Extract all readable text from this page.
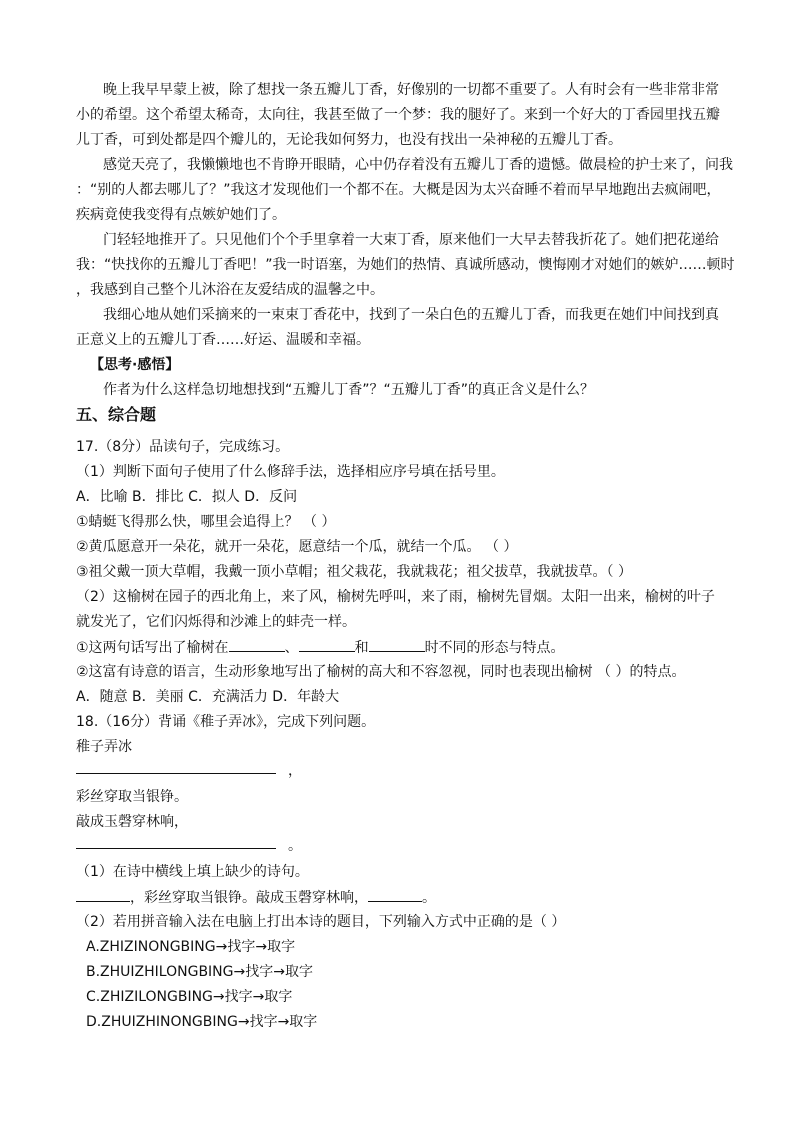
晚上我早早蒙上被，除了想找一条五瓣儿丁香，好像别的一切都不重要了。人有时会有一些非常非常
小的希望。这个希望太稀奇，太向往，我甚至做了一个梦：我的腿好了。来到一个好大的丁香园里找五瓣
儿丁香，可到处都是四个瓣儿的，无论我如何努力，也没有找出一朵神秘的五瓣儿丁香。
感觉天亮了，我懒懒地也不肯睁开眼睛，心中仍存着没有五瓣儿丁香的遗憾。做晨检的护士来了，问我
：“别的人都去哪儿了？”我这才发现他们一个都不在。大概是因为太兴奋睡不着而早早地跑出去疯闹吧，
疾病竟使我变得有点嫉妒她们了。
门轻轻地推开了。只见他们个个手里拿着一大束丁香，原来他们一大早去替我折花了。她们把花递给
我：“快找你的五瓣儿丁香吧！”我一时语塞，为她们的热情、真诚所感动，懊悔刚才对她们的嫉妒……顿时
，我感到自己整个儿沐浴在友爱结成的温馨之中。
我细心地从她们采摘来的一束束丁香花中，找到了一朵白色的五瓣儿丁香，而我更在她们中间找到真
正意义上的五瓣儿丁香……好运、温暖和幸福。
【思考·感悟】
作者为什么这样急切地想找到“五瓣儿丁香”？“五瓣儿丁香”的真正含义是什么？
五、综合题
17.（8分）品读句子，完成练习。
（1）判断下面句子使用了什么修辞手法，选择相应序号填在括号里。
A．比喻 B．排比 C．拟人 D．反问
①蜻蜓飞得那么快，哪里会追得上？ （ ）
②黄瓜愿意开一朵花，就开一朵花，愿意结一个瓜，就结一个瓜。 （ ）
③祖父戴一顶大草帽，我戴一顶小草帽；祖父栽花，我就栽花；祖父拔草，我就拔草。（ ）
（2）这榆树在园子的西北角上，来了风，榆树先呼叫，来了雨，榆树先冒烟。太阳一出来，榆树的叶子
就发光了，它们闪烁得和沙滩上的蚌壳一样。
①这两句话写出了榆树在	、	和	时不同的形态与特点。
②这富有诗意的语言，生动形象地写出了榆树的高大和不容忽视，同时也表现出榆树 （ ）的特点。
A．随意 B．美丽 C．充满活力 D．年龄大
18.（16分）背诵《稚子弄冰》，完成下列问题。
稚子弄冰
，
彩丝穿取当银铮。
敲成玉磬穿林响，
。
（1）在诗中横线上填上缺少的诗句。
，彩丝穿取当银铮。敲成玉磬穿林响，	。
（2）若用拼音输入法在电脑上打出本诗的题目，下列输入方式中正确的是（ ）
A.ZHIZINONGBING→找字→取字
B.ZHUIZHILONGBING→找字→取字
C.ZHIZILONGBING→找字→取字
D.ZHUIZHINONGBING→找字→取字
